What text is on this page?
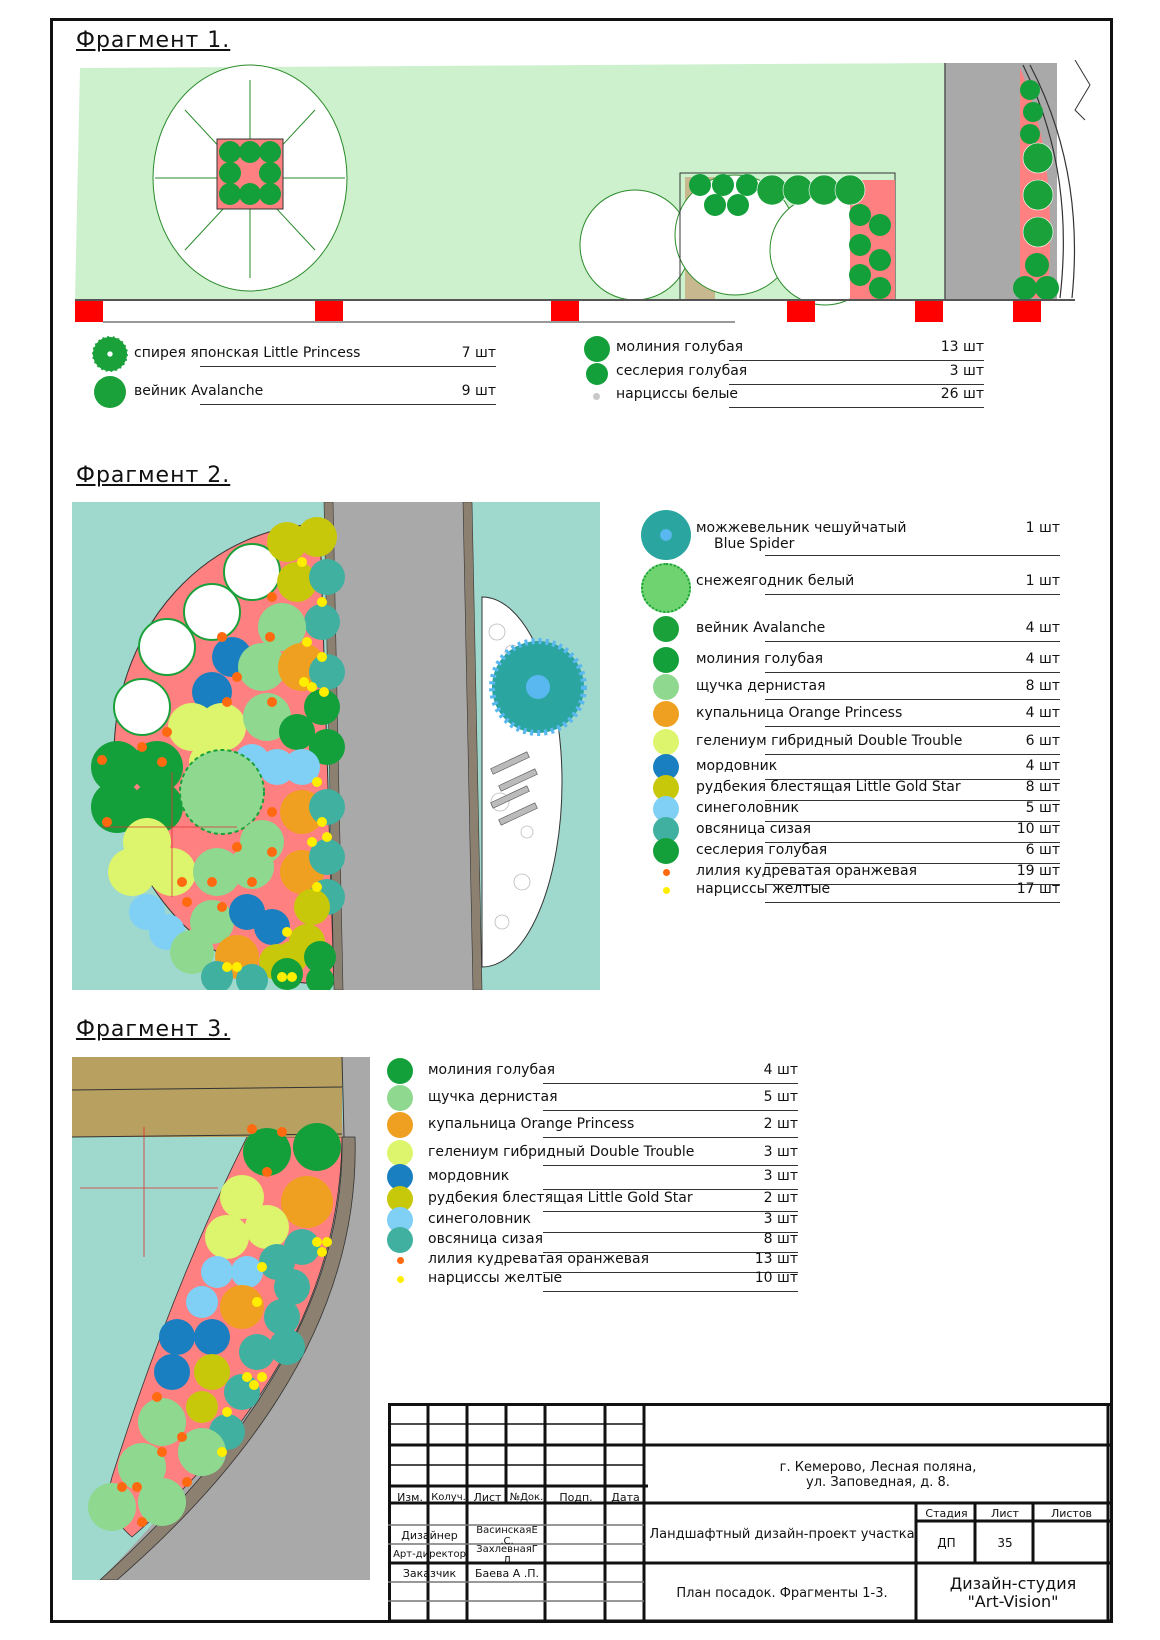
Фрагмент 1.
спирея японская Little Princess	7 шт
вейник Avalanche	9 шт
молиния голубая	13 шт
сеслерия голубая	3 шт
нарциссы белые	26 шт
Фрагмент 2.
можжевельник чешуйчатый
Blue Spider
1 шт
снежеягодник белый	1 шт
вейник Avalanche	4 шт
молиния голубая	4 шт
щучка дернистая	8 шт
купальница Orange Princess	4 шт
гелениум гибридный Double Trouble	6 шт
мордовник	4 шт
рудбекия блестящая Little Gold Star	8 шт
синеголовник	5 шт
овсяница сизая	10 шт
сеслерия голубая	6 шт
лилия кудреватая оранжевая	19 шт
нарциссы желтые	17 шт
Фрагмент 3.
молиния голубая	4 шт
щучка дернистая	5 шт
купальница Orange Princess	2 шт
гелениум гибридный Double Trouble	3 шт
мордовник	3 шт
рудбекия блестящая Little Gold Star	2 шт
синеголовник	3 шт
овсяница сизая	8 шт
лилия кудреватая оранжевая	13 шт
нарциссы желтые	10 шт
Изм. Колуч. Лист №Док.	Подп.	Дата
Дизайнер	ВасинскаяЕ .С.
Арт-директор	ЗахлевнаяГ .Л.
Заказчик	Баева А .П.
г. Кемерово, Лесная поляна,
ул. Заповедная, д. 8.
Ландшафтный дизайн-проект участка
План посадок. Фрагменты 1-3.
Стадия	Лист	Листов
ДП	35
Дизайн-студия
"Art-Vision"
